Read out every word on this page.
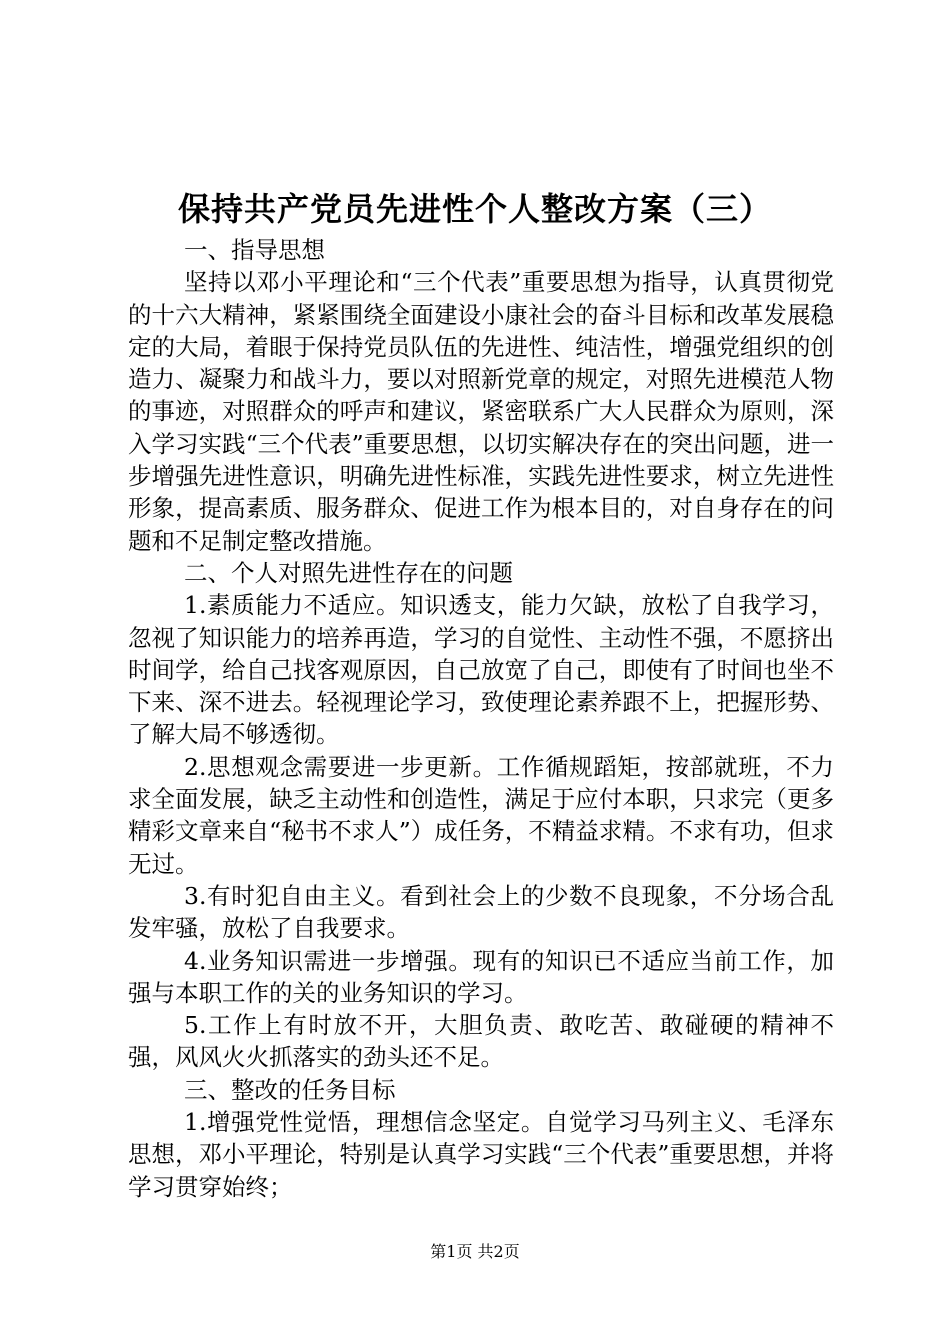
保持共产党员先进性个人整改方案（三）

一、指导思想

坚持以邓小平理论和“三个代表”重要思想为指导，认真贯彻党的十六大精神，紧紧围绕全面建设小康社会的奋斗目标和改革发展稳定的大局，着眼于保持党员队伍的先进性、纯洁性，增强党组织的创造力、凝聚力和战斗力，要以对照新党章的规定，对照先进模范人物的事迹，对照群众的呼声和建议，紧密联系广大人民群众为原则，深入学习实践“三个代表”重要思想，以切实解决存在的突出问题，进一步增强先进性意识，明确先进性标准，实践先进性要求，树立先进性形象，提高素质、服务群众、促进工作为根本目的，对自身存在的问题和不足制定整改措施。

二、个人对照先进性存在的问题

1.素质能力不适应。知识透支，能力欠缺，放松了自我学习，忽视了知识能力的培养再造，学习的自觉性、主动性不强，不愿挤出时间学，给自己找客观原因，自己放宽了自己，即使有了时间也坐不下来、深不进去。轻视理论学习，致使理论素养跟不上，把握形势、了解大局不够透彻。

2.思想观念需要进一步更新。工作循规蹈矩，按部就班，不力求全面发展，缺乏主动性和创造性，满足于应付本职，只求完（更多精彩文章来自“秘书不求人”）成任务，不精益求精。不求有功，但求无过。

3.有时犯自由主义。看到社会上的少数不良现象，不分场合乱发牢骚，放松了自我要求。

4.业务知识需进一步增强。现有的知识已不适应当前工作，加强与本职工作的关的业务知识的学习。

5.工作上有时放不开，大胆负责、敢吃苦、敢碰硬的精神不强，风风火火抓落实的劲头还不足。

三、整改的任务目标

1.增强党性觉悟，理想信念坚定。自觉学习马列主义、毛泽东思想，邓小平理论，特别是认真学习实践“三个代表”重要思想，并将学习贯穿始终；

第1页 共2页
